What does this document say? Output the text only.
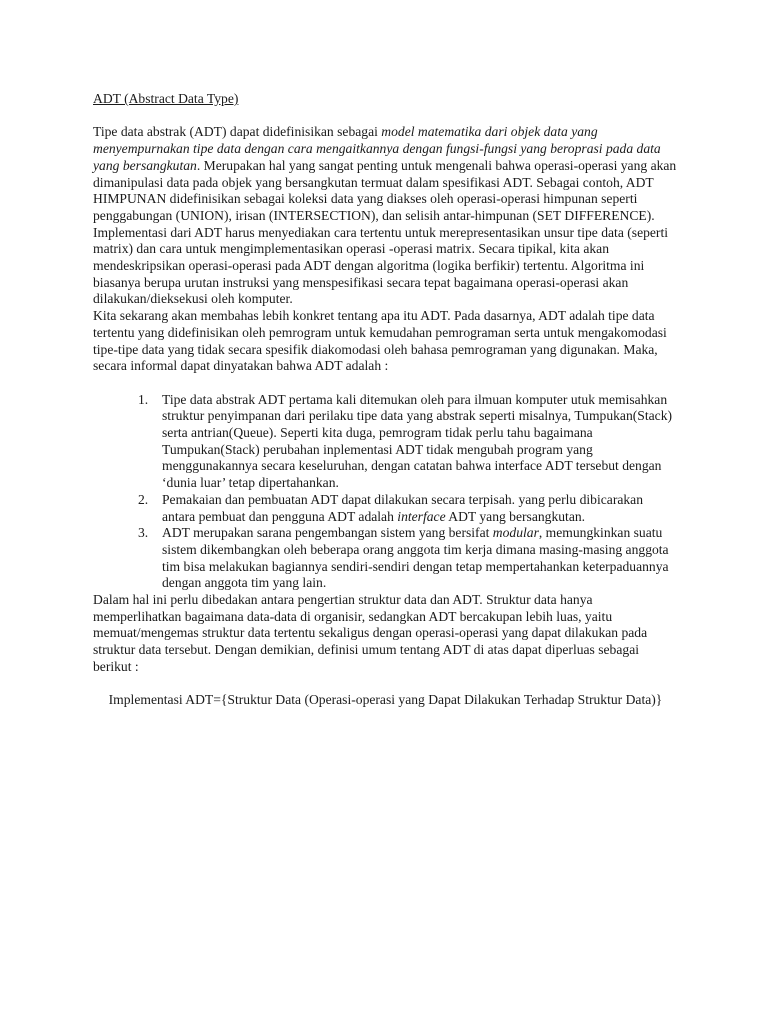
ADT (Abstract Data Type)

Tipe data abstrak (ADT) dapat didefinisikan sebagai model matematika dari objek data yang menyempurnakan tipe data dengan cara mengaitkannya dengan fungsi-fungsi yang beroprasi pada data yang bersangkutan. Merupakan hal yang sangat penting untuk mengenali bahwa operasi-operasi yang akan dimanipulasi data pada objek yang bersangkutan termuat dalam spesifikasi ADT. Sebagai contoh, ADT HIMPUNAN didefinisikan sebagai koleksi data yang diakses oleh operasi-operasi himpunan seperti penggabungan (UNION), irisan (INTERSECTION), dan selisih antar-himpunan (SET DIFFERENCE).

Implementasi dari ADT harus menyediakan cara tertentu untuk merepresentasikan unsur tipe data (seperti matrix) dan cara untuk mengimplementasikan operasi -operasi matrix. Secara tipikal, kita akan mendeskripsikan operasi-operasi pada ADT dengan algoritma (logika berfikir) tertentu. Algoritma ini biasanya berupa urutan instruksi yang menspesifikasi secara tepat bagaimana operasi-operasi akan dilakukan/dieksekusi oleh komputer.

Kita sekarang akan membahas lebih konkret tentang apa itu ADT. Pada dasarnya, ADT adalah tipe data tertentu yang didefinisikan oleh pemrogram untuk kemudahan pemrograman serta untuk mengakomodasi tipe-tipe data yang tidak secara spesifik diakomodasi oleh bahasa pemrograman yang digunakan. Maka, secara informal dapat dinyatakan bahwa ADT adalah :

1. Tipe data abstrak ADT pertama kali ditemukan oleh para ilmuan komputer utuk memisahkan struktur penyimpanan dari perilaku tipe data yang abstrak seperti misalnya, Tumpukan(Stack) serta antrian(Queue). Seperti kita duga, pemrogram tidak perlu tahu bagaimana Tumpukan(Stack) perubahan inplementasi ADT tidak mengubah program yang menggunakannya secara keseluruhan, dengan catatan bahwa interface ADT tersebut dengan ‘dunia luar’ tetap dipertahankan.
2. Pemakaian dan pembuatan ADT dapat dilakukan secara terpisah. yang perlu dibicarakan antara pembuat dan pengguna ADT adalah interface ADT yang bersangkutan.
3. ADT merupakan sarana pengembangan sistem yang bersifat modular, memungkinkan suatu sistem dikembangkan oleh beberapa orang anggota tim kerja dimana masing-masing anggota tim bisa melakukan bagiannya sendiri-sendiri dengan tetap mempertahankan keterpaduannya dengan anggota tim yang lain.

Dalam hal ini perlu dibedakan antara pengertian struktur data dan ADT. Struktur data hanya memperlihatkan bagaimana data-data di organisir, sedangkan ADT bercakupan lebih luas, yaitu memuat/mengemas struktur data tertentu sekaligus dengan operasi-operasi yang dapat dilakukan pada struktur data tersebut. Dengan demikian, definisi umum tentang ADT di atas dapat diperluas sebagai berikut :

Implementasi ADT={Struktur Data (Operasi-operasi yang Dapat Dilakukan Terhadap Struktur Data)}
